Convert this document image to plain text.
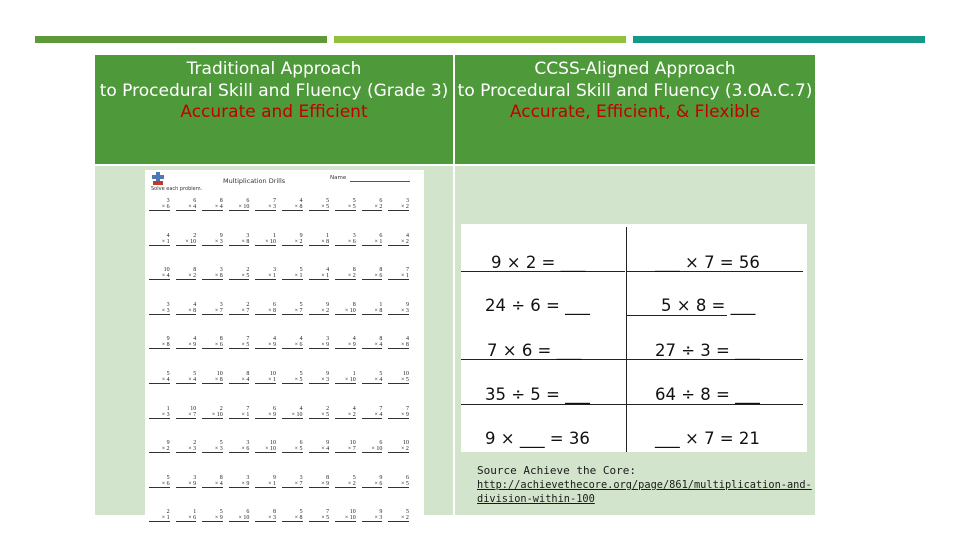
Traditional Approach
to Procedural Skill and Fluency (Grade 3)
Accurate and Efficient
CCSS-Aligned Approach
to Procedural Skill and Fluency (3.OA.C.7)
Accurate, Efficient, & Flexible
Multiplication Drills	Name
Solve each problem.
3
× 6
6
× 4
8
× 4
6
× 10
7
× 3
4
× 8
5
× 5
5
× 5
6
× 2
3
× 2
4
× 1
2
× 10
9
× 3
3
× 8
1
× 10
9
× 2
1
× 8
3
× 6
6
× 1
4
× 2
10
× 4
8
× 2
3
× 8
2
× 5
3
× 1
5
× 1
4
× 1
8
× 2
8
× 6
7
× 1
3
× 3
4
× 8
3
× 7
2
× 7
6
× 8
5
× 7
9
× 2
8
× 10
1
× 8
9
× 3
9
× 8
4
× 9
8
× 6
7
× 5
4
× 9
4
× 6
3
× 9
4
× 9
8
× 4
4
× 8
5
× 4
5
× 4
10
× 8
8
× 4
10
× 1
5
× 5
9
× 3
1
× 10
5
× 4
10
× 5
1
× 3
10
× 7
2
× 10
7
× 1
6
× 9
4
× 10
2
× 5
4
× 2
7
× 4
7
× 9
9
× 2
2
× 3
5
× 3
3
× 6
10
× 10
6
× 5
9
× 4
10
× 7
6
× 10
10
× 2
5
× 6
3
× 9
8
× 4
3
× 9
9
× 1
3
× 7
8
× 9
5
× 2
9
× 6
6
× 5
2
× 1
1
× 6
5
× 9
6
× 10
8
× 3
5
× 8
7
× 5
10
× 10
9
× 3
5
× 2
9 × 2 = ___
24 ÷ 6 = ___
7 × 6 = ___
35 ÷ 5 = ___
9 × ___ = 36
___ × 7 = 56
5 × 8 = ___
27 ÷ 3 = ___
64 ÷ 8 = ___
___ × 7 = 21
Source Achieve the Core:
http://achievethecore.org/page/861/multiplication-and-division-within-100
